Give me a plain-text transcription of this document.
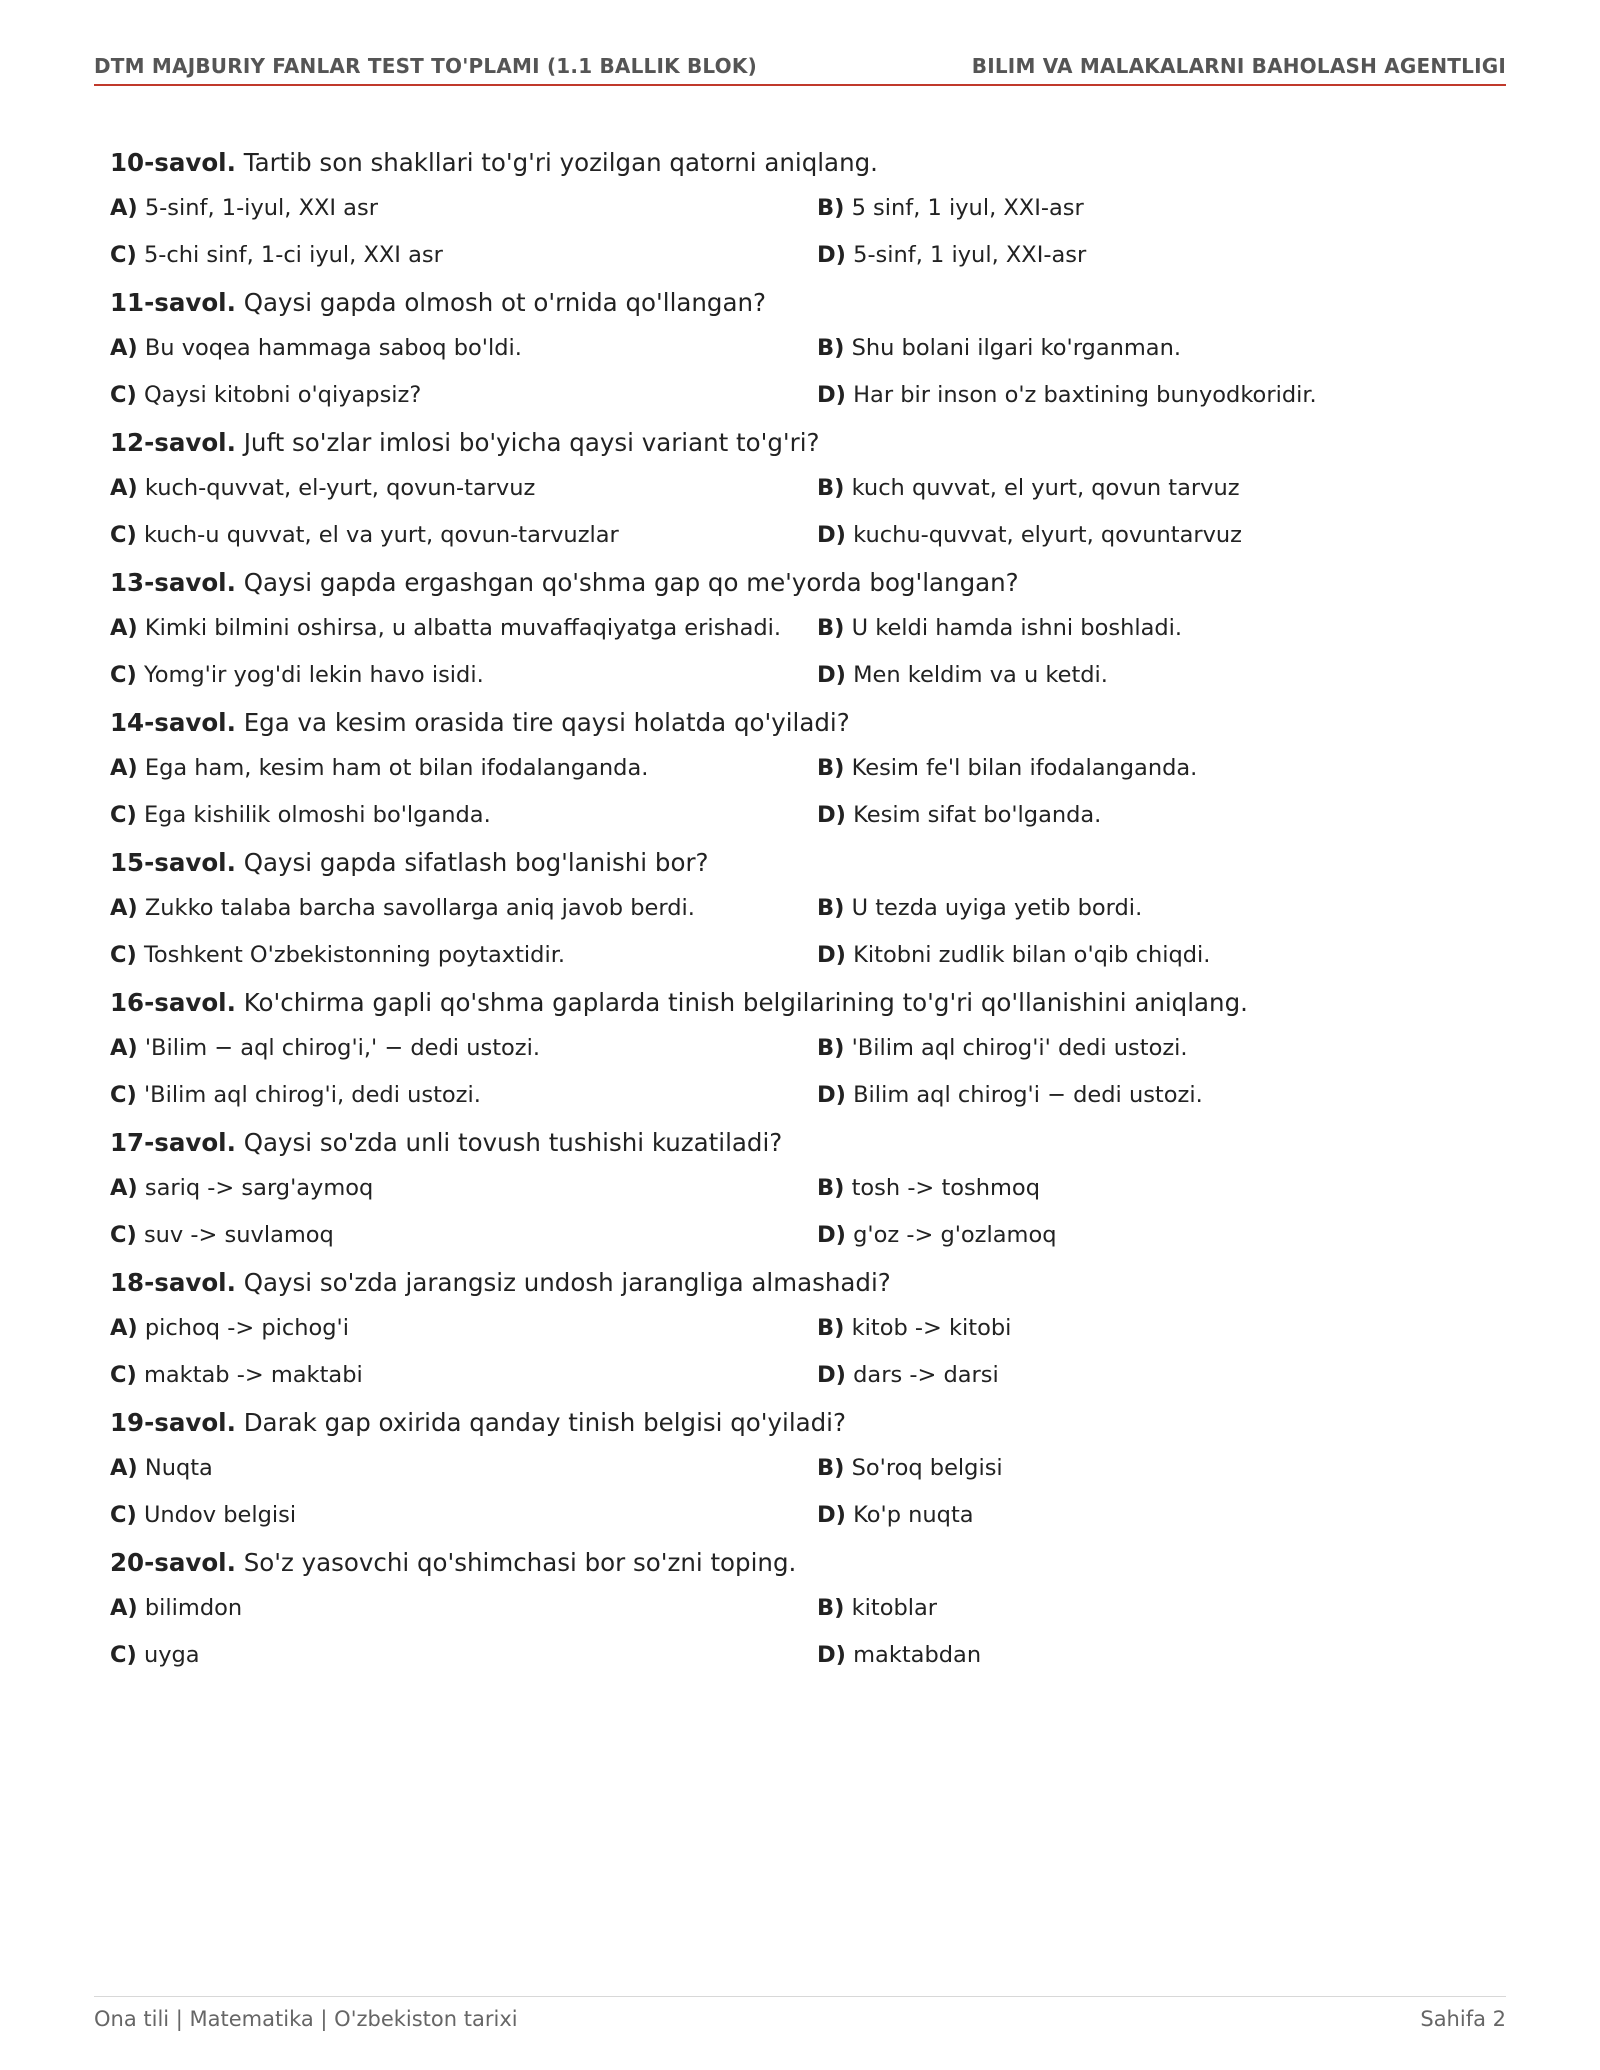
DTM MAJBURIY FANLAR TEST TO'PLAMI (1.1 BALLIK BLOK)	BILIM VA MALAKALARNI BAHOLASH AGENTLIGI
10-savol. Tartib son shakllari to'g'ri yozilgan qatorni aniqlang.
A) 5-sinf, 1-iyul, XXI asr	B) 5 sinf, 1 iyul, XXI-asr
C) 5-chi sinf, 1-ci iyul, XXI asr	D) 5-sinf, 1 iyul, XXI-asr
11-savol. Qaysi gapda olmosh ot o'rnida qo'llangan?
A) Bu voqea hammaga saboq bo'ldi.	B) Shu bolani ilgari ko'rganman.
C) Qaysi kitobni o'qiyapsiz?	D) Har bir inson o'z baxtining bunyodkoridir.
12-savol. Juft so'zlar imlosi bo'yicha qaysi variant to'g'ri?
A) kuch-quvvat, el-yurt, qovun-tarvuz	B) kuch quvvat, el yurt, qovun tarvuz
C) kuch-u quvvat, el va yurt, qovun-tarvuzlar	D) kuchu-quvvat, elyurt, qovuntarvuz
13-savol. Qaysi gapda ergashgan qo'shma gap qo me'yorda bog'langan?
A) Kimki bilmini oshirsa, u albatta muvaffaqiyatga erishadi.	B) U keldi hamda ishni boshladi.
C) Yomg'ir yog'di lekin havo isidi.	D) Men keldim va u ketdi.
14-savol. Ega va kesim orasida tire qaysi holatda qo'yiladi?
A) Ega ham, kesim ham ot bilan ifodalanganda.	B) Kesim fe'l bilan ifodalanganda.
C) Ega kishilik olmoshi bo'lganda.	D) Kesim sifat bo'lganda.
15-savol. Qaysi gapda sifatlash bog'lanishi bor?
A) Zukko talaba barcha savollarga aniq javob berdi.	B) U tezda uyiga yetib bordi.
C) Toshkent O'zbekistonning poytaxtidir.	D) Kitobni zudlik bilan o'qib chiqdi.
16-savol. Ko'chirma gapli qo'shma gaplarda tinish belgilarining to'g'ri qo'llanishini aniqlang.
A) 'Bilim − aql chirog'i,' − dedi ustozi.	B) 'Bilim aql chirog'i' dedi ustozi.
C) 'Bilim aql chirog'i, dedi ustozi.	D) Bilim aql chirog'i − dedi ustozi.
17-savol. Qaysi so'zda unli tovush tushishi kuzatiladi?
A) sariq -> sarg'aymoq	B) tosh -> toshmoq
C) suv -> suvlamoq	D) g'oz -> g'ozlamoq
18-savol. Qaysi so'zda jarangsiz undosh jarangliga almashadi?
A) pichoq -> pichog'i	B) kitob -> kitobi
C) maktab -> maktabi	D) dars -> darsi
19-savol. Darak gap oxirida qanday tinish belgisi qo'yiladi?
A) Nuqta	B) So'roq belgisi
C) Undov belgisi	D) Ko'p nuqta
20-savol. So'z yasovchi qo'shimchasi bor so'zni toping.
A) bilimdon	B) kitoblar
C) uyga	D) maktabdan
Ona tili | Matematika | O'zbekiston tarixi	Sahifa 2
